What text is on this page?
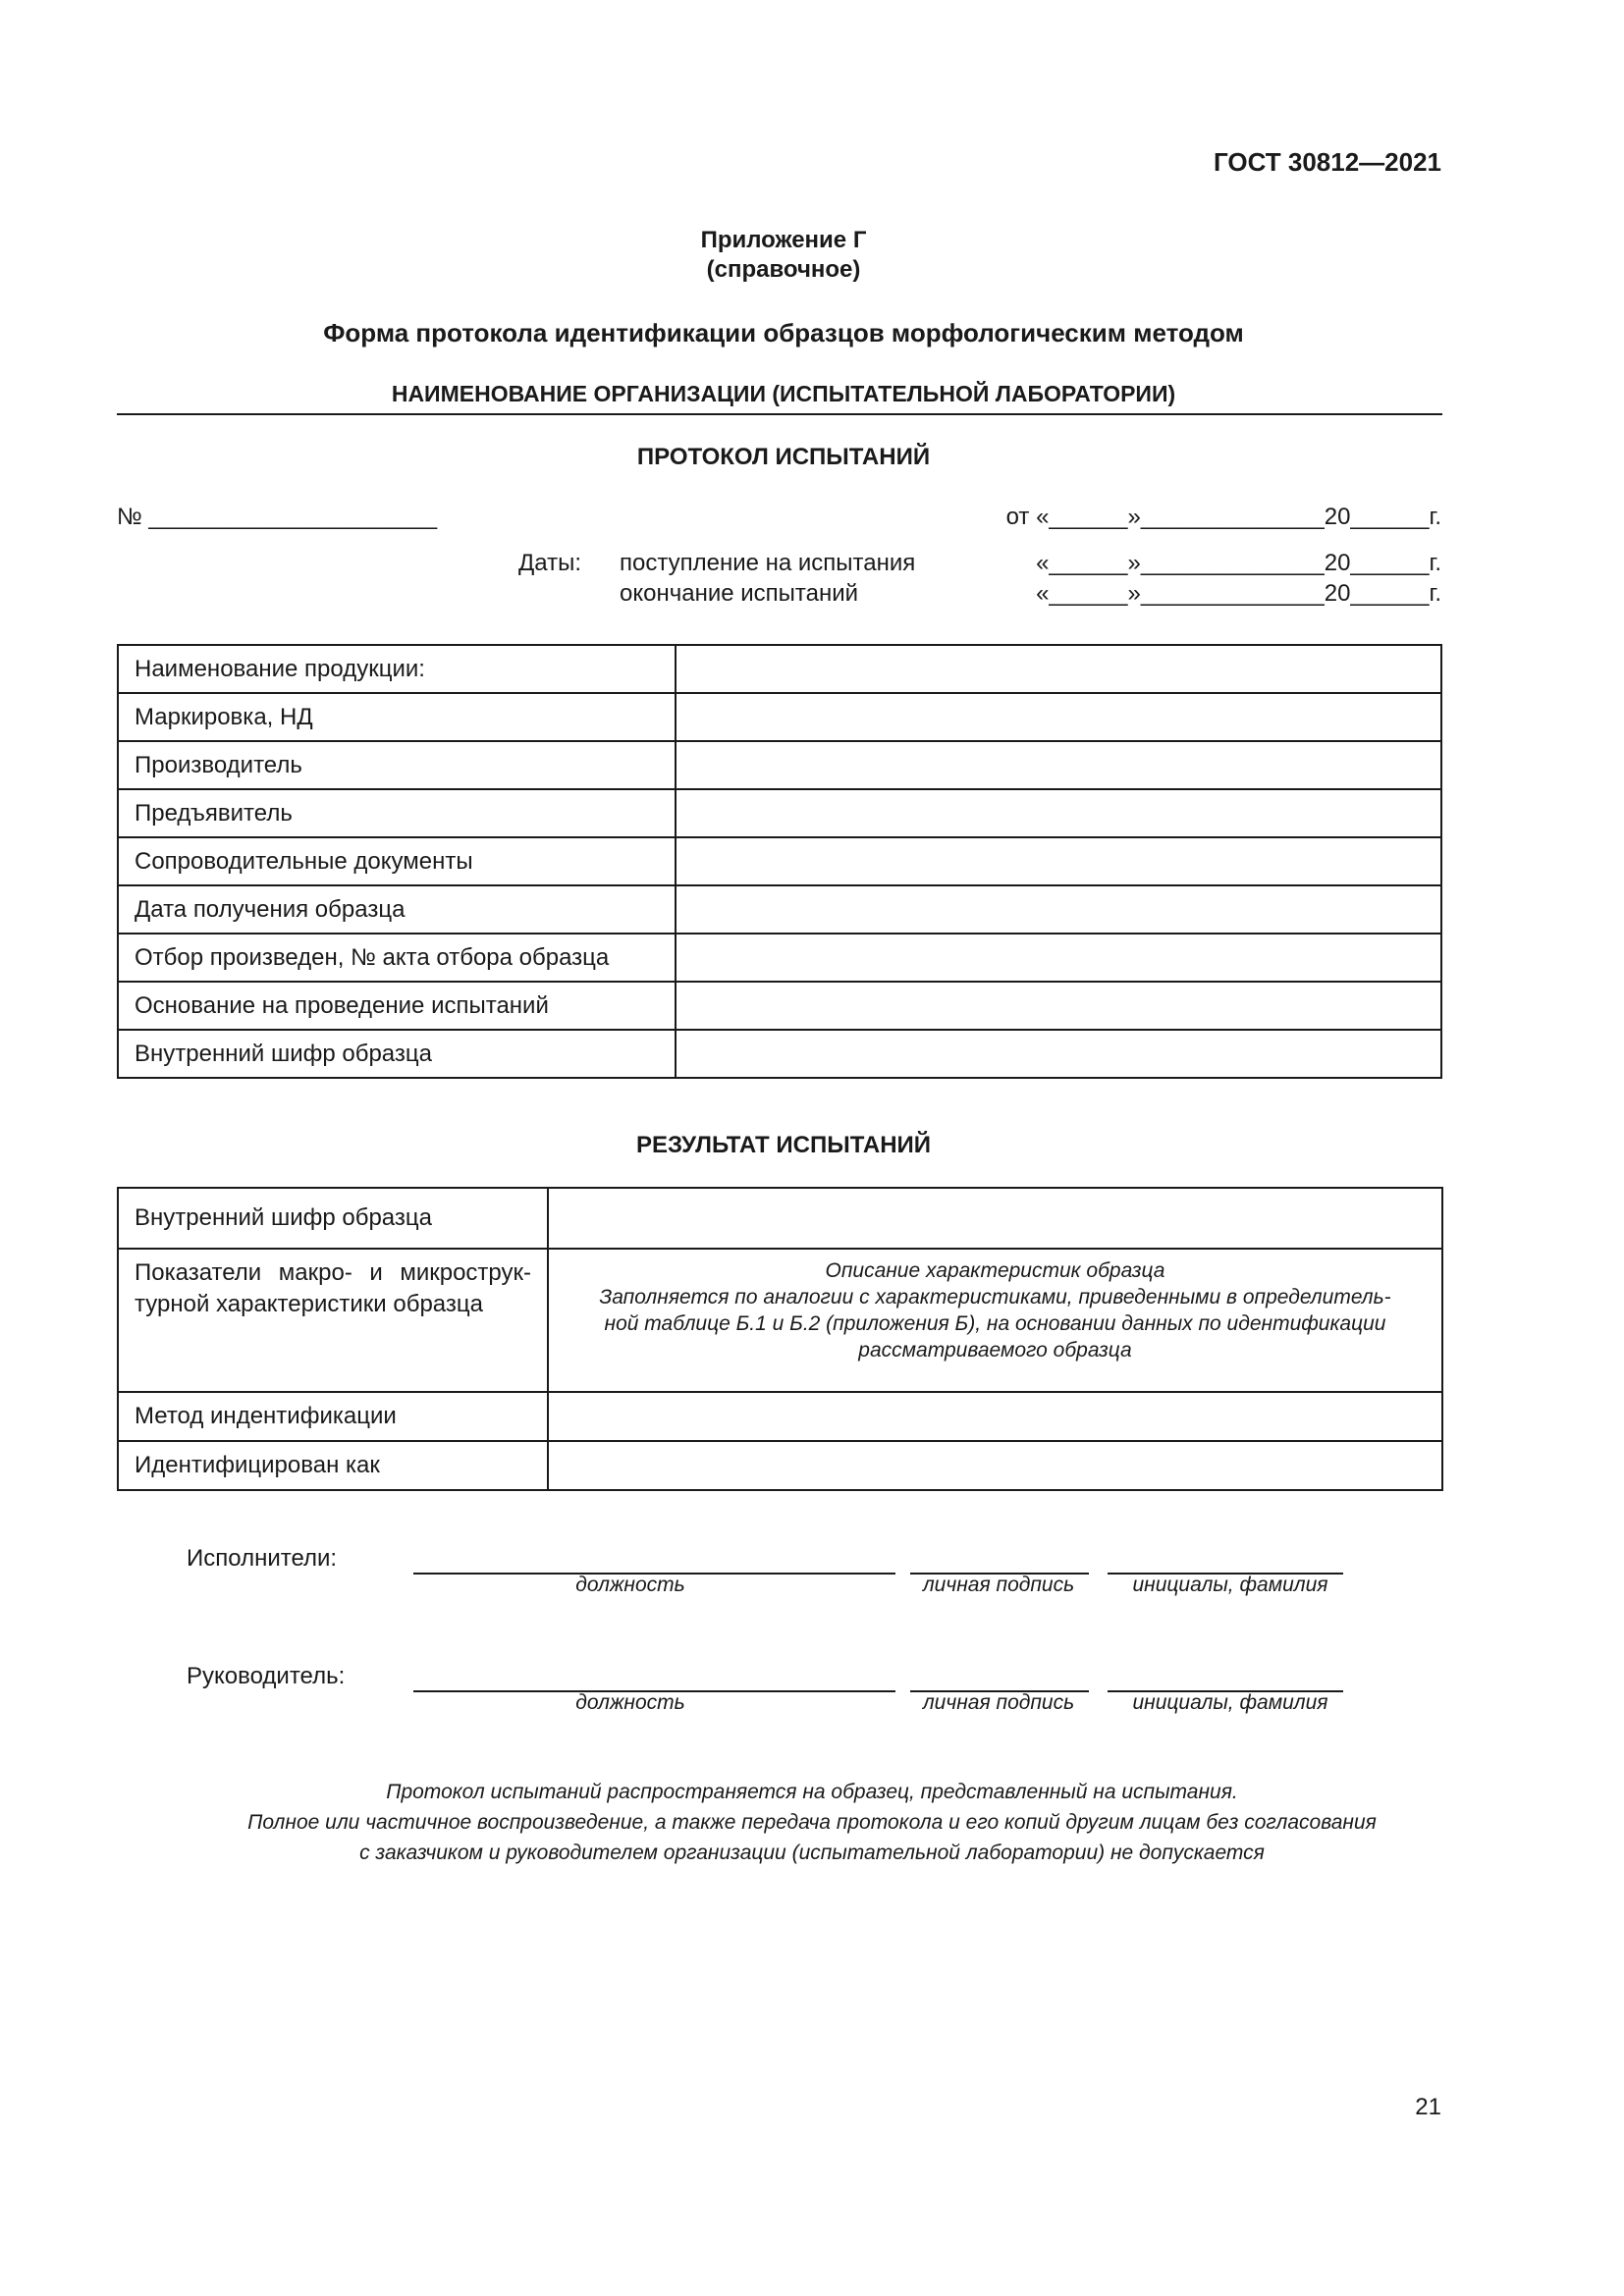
ГОСТ 30812—2021
Приложение Г
(справочное)
Форма протокола идентификации образцов морфологическим методом
НАИМЕНОВАНИЕ ОРГАНИЗАЦИИ (ИСПЫТАТЕЛЬНОЙ ЛАБОРАТОРИИ)
ПРОТОКОЛ ИСПЫТАНИЙ
№ ______________________	от «______»______________20______г.
Даты: поступление на испытания	«______»______________20______г.
окончание испытаний	«______»______________20______г.
Наименование продукции:	
Маркировка, НД	
Производитель	
Предъявитель	
Сопроводительные документы	
Дата получения образца	
Отбор произведен, № акта отбора образца	
Основание на проведение испытаний	
Внутренний шифр образца	
РЕЗУЛЬТАТ ИСПЫТАНИЙ
Внутренний шифр образца	
Показатели макро- и микрострук- турной характеристики образца	Описание характеристик образца
Заполняется по аналогии с характеристиками, приведенными в определитель-
ной таблице Б.1 и Б.2 (приложения Б), на основании данных по идентификации
рассматриваемого образца

Метод индентификации	
Идентифицирован как	
Исполнители:
должность	личная подпись	инициалы, фамилия
Руководитель:
должность	личная подпись	инициалы, фамилия
Протокол испытаний распространяется на образец, представленный на испытания.
Полное или частичное воспроизведение, а также передача протокола и его копий другим лицам без согласования
с заказчиком и руководителем организации (испытательной лаборатории) не допускается
21
